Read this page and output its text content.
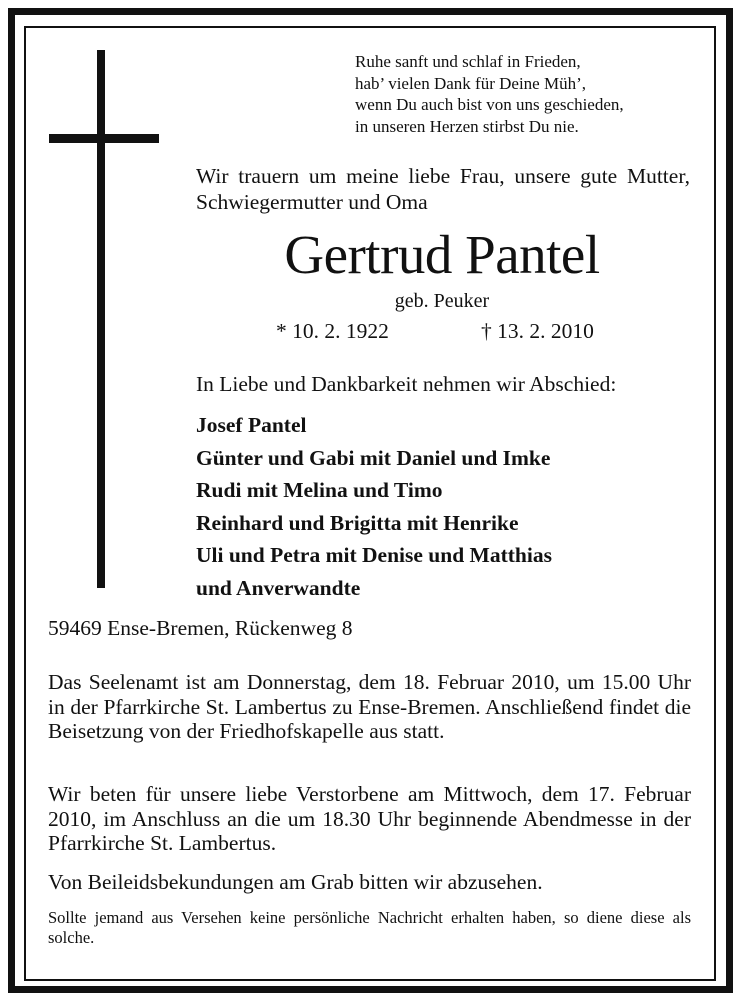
Ruhe sanft und schlaf in Frieden,
hab’ vielen Dank für Deine Müh’,
wenn Du auch bist von uns geschieden,
in unseren Herzen stirbst Du nie.
Wir trauern um meine liebe Frau, unsere gute Mutter, Schwiegermutter und Oma
Gertrud Pantel
geb. Peuker
* 10. 2. 1922	† 13. 2. 2010
In Liebe und Dankbarkeit nehmen wir Abschied:
Josef Pantel
Günter und Gabi mit Daniel und Imke
Rudi mit Melina und Timo
Reinhard und Brigitta mit Henrike
Uli und Petra mit Denise und Matthias
und Anverwandte
59469 Ense-Bremen, Rückenweg 8
Das Seelenamt ist am Donnerstag, dem 18. Februar 2010, um 15.00 Uhr in der Pfarrkirche St. Lambertus zu Ense-Bremen. Anschließend findet die Beisetzung von der Friedhofskapelle aus statt.
Wir beten für unsere liebe Verstorbene am Mittwoch, dem 17. Februar 2010, im Anschluss an die um 18.30 Uhr beginnende Abendmesse in der Pfarrkirche St. Lambertus.
Von Beileidsbekundungen am Grab bitten wir abzusehen.
Sollte jemand aus Versehen keine persönliche Nachricht erhalten haben, so diene diese als solche.
